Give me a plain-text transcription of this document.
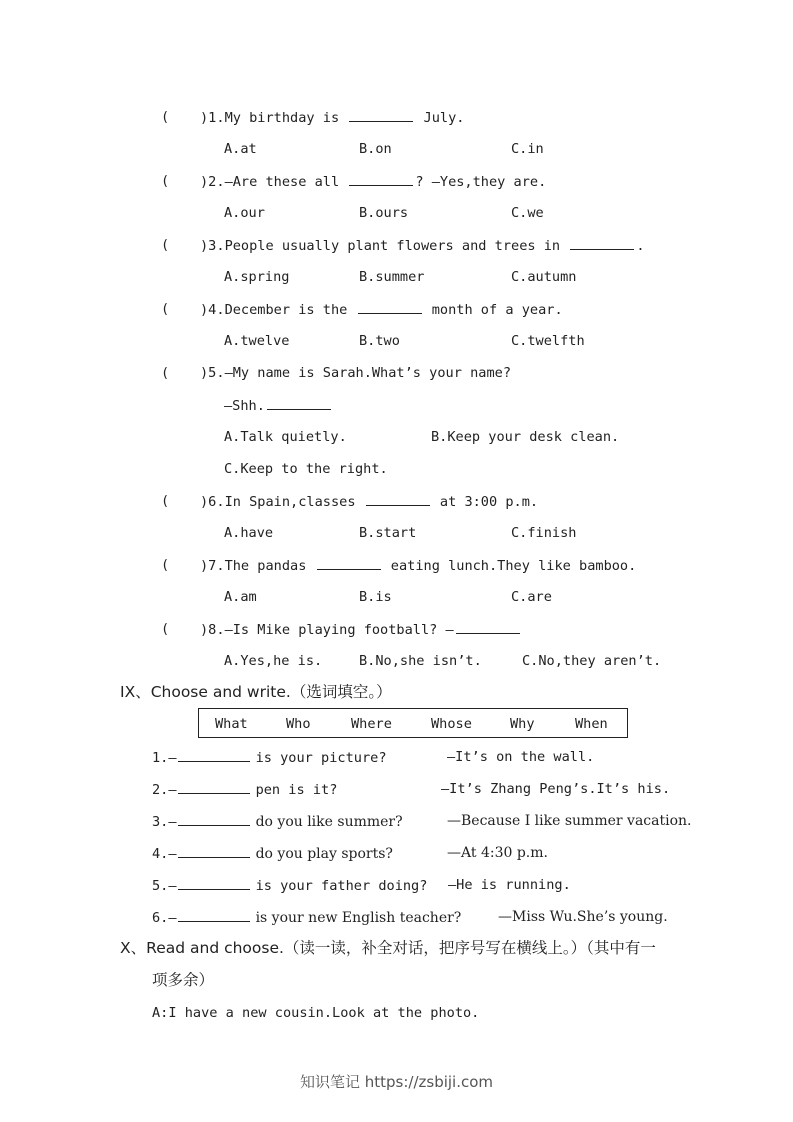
( )1.My birthday is	July.
A.at	B.on	C.in
( )2.—Are these all	? —Yes,they are.
A.our	B.ours	C.we
( )3.People usually plant flowers and trees in	.
A.spring	B.summer	C.autumn
( )4.December is the	month of a year.
A.twelve	B.two	C.twelfth
( )5.—My name is Sarah.What’s your name?
—Shh.
A.Talk quietly.	B.Keep your desk clean.
C.Keep to the right.
( )6.In Spain,classes	at 3:00 p.m.
A.have	B.start	C.finish
( )7.The pandas	eating lunch.They like bamboo.
A.am	B.is	C.are
( )8.—Is Mike playing football? —
A.Yes,he is.	B.No,she isn’t.	C.No,they aren’t.
IX、Choose and write.（选词填空。）
What	Who	Where	Whose	Why	When
1.—	is your picture?	—It’s on the wall.
2.—	pen is it?	—It’s Zhang Peng’s.It’s his.
3.—	do you like summer?	—Because I like summer vacation.
4.—	do you play sports?	—At 4:30 p.m.
5.—	is your father doing? —He is running.
6.—	is your new English teacher?	—Miss Wu.She’s young.
Ⅹ、Read and choose.（读一读，补全对话，把序号写在横线上。）（其中有一
项多余）
A:I have a new cousin.Look at the photo.
知识笔记 https://zsbiji.com
